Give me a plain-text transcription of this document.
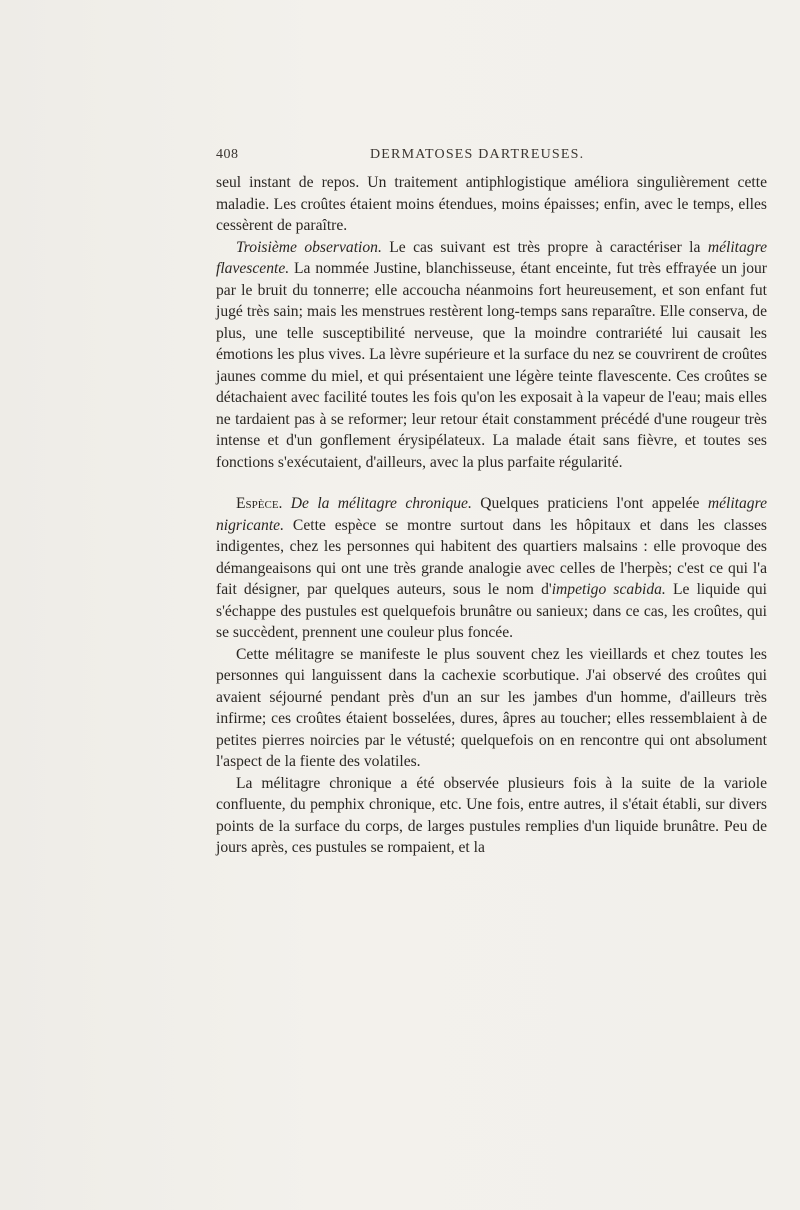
408	DERMATOSES DARTREUSES.

seul instant de repos. Un traitement antiphlogistique améliora singulièrement cette maladie. Les croûtes étaient moins étendues, moins épaisses; enfin, avec le temps, elles cessèrent de paraître.

Troisième observation. Le cas suivant est très propre à caractériser la mélitagre flavescente. La nommée Justine, blanchisseuse, étant enceinte, fut très effrayée un jour par le bruit du tonnerre; elle accoucha néanmoins fort heureusement, et son enfant fut jugé très sain; mais les menstrues restèrent long-temps sans reparaître. Elle conserva, de plus, une telle susceptibilité nerveuse, que la moindre contrariété lui causait les émotions les plus vives. La lèvre supérieure et la surface du nez se couvrirent de croûtes jaunes comme du miel, et qui présentaient une légère teinte flavescente. Ces croûtes se détachaient avec facilité toutes les fois qu'on les exposait à la vapeur de l'eau; mais elles ne tardaient pas à se reformer; leur retour était constamment précédé d'une rougeur très intense et d'un gonflement érysipélateux. La malade était sans fièvre, et toutes ses fonctions s'exécutaient, d'ailleurs, avec la plus parfaite régularité.

Espèce. De la mélitagre chronique. Quelques praticiens l'ont appelée mélitagre nigricante. Cette espèce se montre surtout dans les hôpitaux et dans les classes indigentes, chez les personnes qui habitent des quartiers malsains : elle provoque des démangeaisons qui ont une très grande analogie avec celles de l'herpès; c'est ce qui l'a fait désigner, par quelques auteurs, sous le nom d'impetigo scabida. Le liquide qui s'échappe des pustules est quelquefois brunâtre ou sanieux; dans ce cas, les croûtes, qui se succèdent, prennent une couleur plus foncée.

Cette mélitagre se manifeste le plus souvent chez les vieillards et chez toutes les personnes qui languissent dans la cachexie scorbutique. J'ai observé des croûtes qui avaient séjourné pendant près d'un an sur les jambes d'un homme, d'ailleurs très infirme; ces croûtes étaient bosselées, dures, âpres au toucher; elles ressemblaient à de petites pierres noircies par le vétusté; quelquefois on en rencontre qui ont absolument l'aspect de la fiente des volatiles.

La mélitagre chronique a été observée plusieurs fois à la suite de la variole confluente, du pemphix chronique, etc. Une fois, entre autres, il s'était établi, sur divers points de la surface du corps, de larges pustules remplies d'un liquide brunâtre. Peu de jours après, ces pustules se rompaient, et la
